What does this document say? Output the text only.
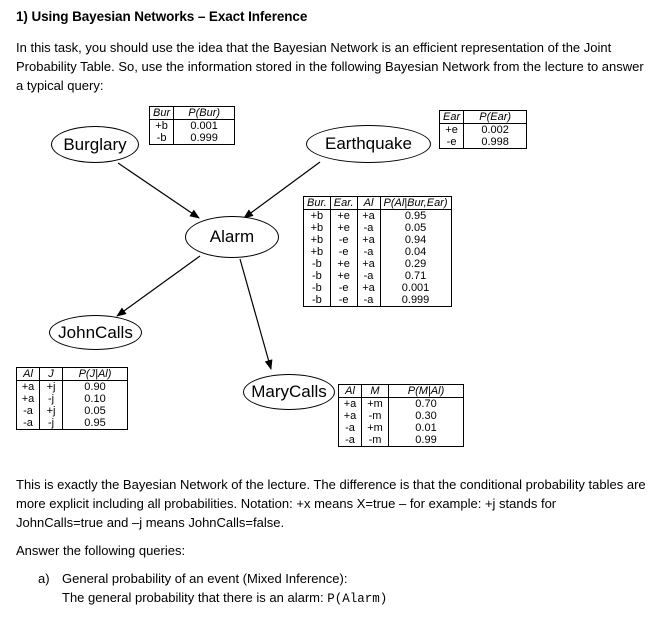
1) Using Bayesian Networks – Exact Inference
In this task, you should use the idea that the Bayesian Network is an efficient representation of the Joint Probability Table. So, use the information stored in the following Bayesian Network from the lecture to answer a typical query:
Burglary	Earthquake
Alarm
JohnCalls
MaryCalls
Bur	P(Bur)
+b	0.001
-b	0.999
Ear	P(Ear)
+e	0.002
-e	0.998
Bur.	Ear.	Al	P(Al|Bur,Ear)
+b	+e	+a	0.95
+b	+e	-a	0.05
+b	-e	+a	0.94
+b	-e	-a	0.04
-b	+e	+a	0.29
-b	+e	-a	0.71
-b	-e	+a	0.001
-b	-e	-a	0.999
Al	J	P(J|Al)
+a	+j	0.90
+a	-j	0.10
-a	+j	0.05
-a	-j	0.95
Al	M	P(M|Al)
+a	+m	0.70
+a	-m	0.30
-a	+m	0.01
-a	-m	0.99
This is exactly the Bayesian Network of the lecture. The difference is that the conditional probability tables are more explicit including all probabilities. Notation: +x means X=true – for example: +j stands for JohnCalls=true and –j means JohnCalls=false.
Answer the following queries:
a) General probability of an event (Mixed Inference):
The general probability that there is an alarm: P(Alarm)
